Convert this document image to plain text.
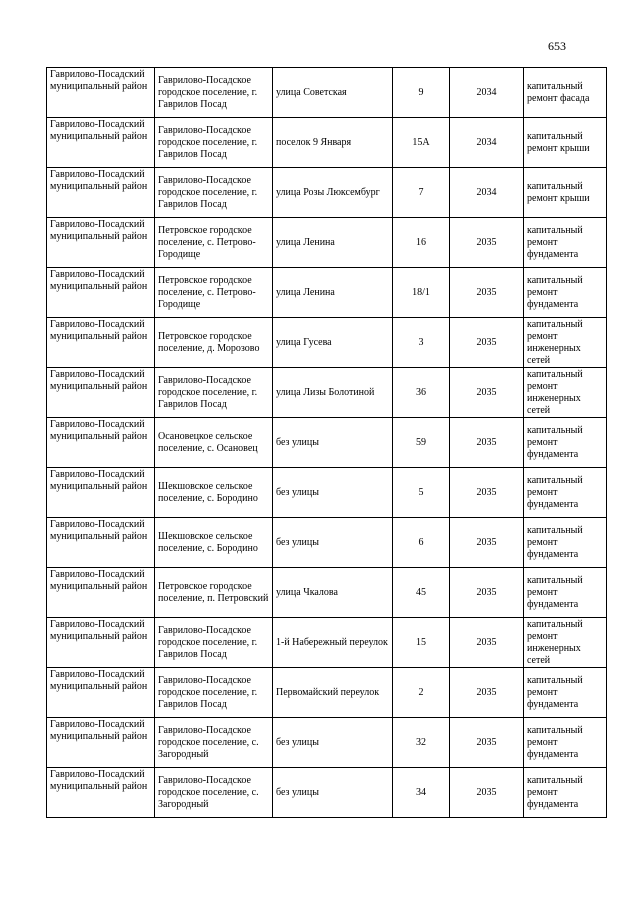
653
Гаврилово-Посадский муниципальный район	Гаврилово-Посадское городское поселение, г. Гаврилов Посад	улица Советская	9	2034	капитальный ремонт фасада
Гаврилово-Посадский муниципальный район	Гаврилово-Посадское городское поселение, г. Гаврилов Посад	поселок 9 Января	15А	2034	капитальный ремонт крыши
Гаврилово-Посадский муниципальный район	Гаврилово-Посадское городское поселение, г. Гаврилов Посад	улица Розы Люксембург	7	2034	капитальный ремонт крыши
Гаврилово-Посадский муниципальный район	Петровское городское поселение, с. Петрово-Городище	улица Ленина	16	2035	капитальный ремонт фундамента
Гаврилово-Посадский муниципальный район	Петровское городское поселение, с. Петрово-Городище	улица Ленина	18/1	2035	капитальный ремонт фундамента
Гаврилово-Посадский муниципальный район	Петровское городское поселение, д. Морозово	улица Гусева	3	2035	капитальный ремонт инженерных сетей
Гаврилово-Посадский муниципальный район	Гаврилово-Посадское городское поселение, г. Гаврилов Посад	улица Лизы Болотиной	36	2035	капитальный ремонт инженерных сетей
Гаврилово-Посадский муниципальный район	Осановецкое сельское поселение, с. Осановец	без улицы	59	2035	капитальный ремонт фундамента
Гаврилово-Посадский муниципальный район	Шекшовское сельское поселение, с. Бородино	без улицы	5	2035	капитальный ремонт фундамента
Гаврилово-Посадский муниципальный район	Шекшовское сельское поселение, с. Бородино	без улицы	6	2035	капитальный ремонт фундамента
Гаврилово-Посадский муниципальный район	Петровское городское поселение, п. Петровский	улица Чкалова	45	2035	капитальный ремонт фундамента
Гаврилово-Посадский муниципальный район	Гаврилово-Посадское городское поселение, г. Гаврилов Посад	1-й Набережный переулок	15	2035	капитальный ремонт инженерных сетей
Гаврилово-Посадский муниципальный район	Гаврилово-Посадское городское поселение, г. Гаврилов Посад	Первомайский переулок	2	2035	капитальный ремонт фундамента
Гаврилово-Посадский муниципальный район	Гаврилово-Посадское городское поселение, с. Загородный	без улицы	32	2035	капитальный ремонт фундамента
Гаврилово-Посадский муниципальный район	Гаврилово-Посадское городское поселение, с. Загородный	без улицы	34	2035	капитальный ремонт фундамента
